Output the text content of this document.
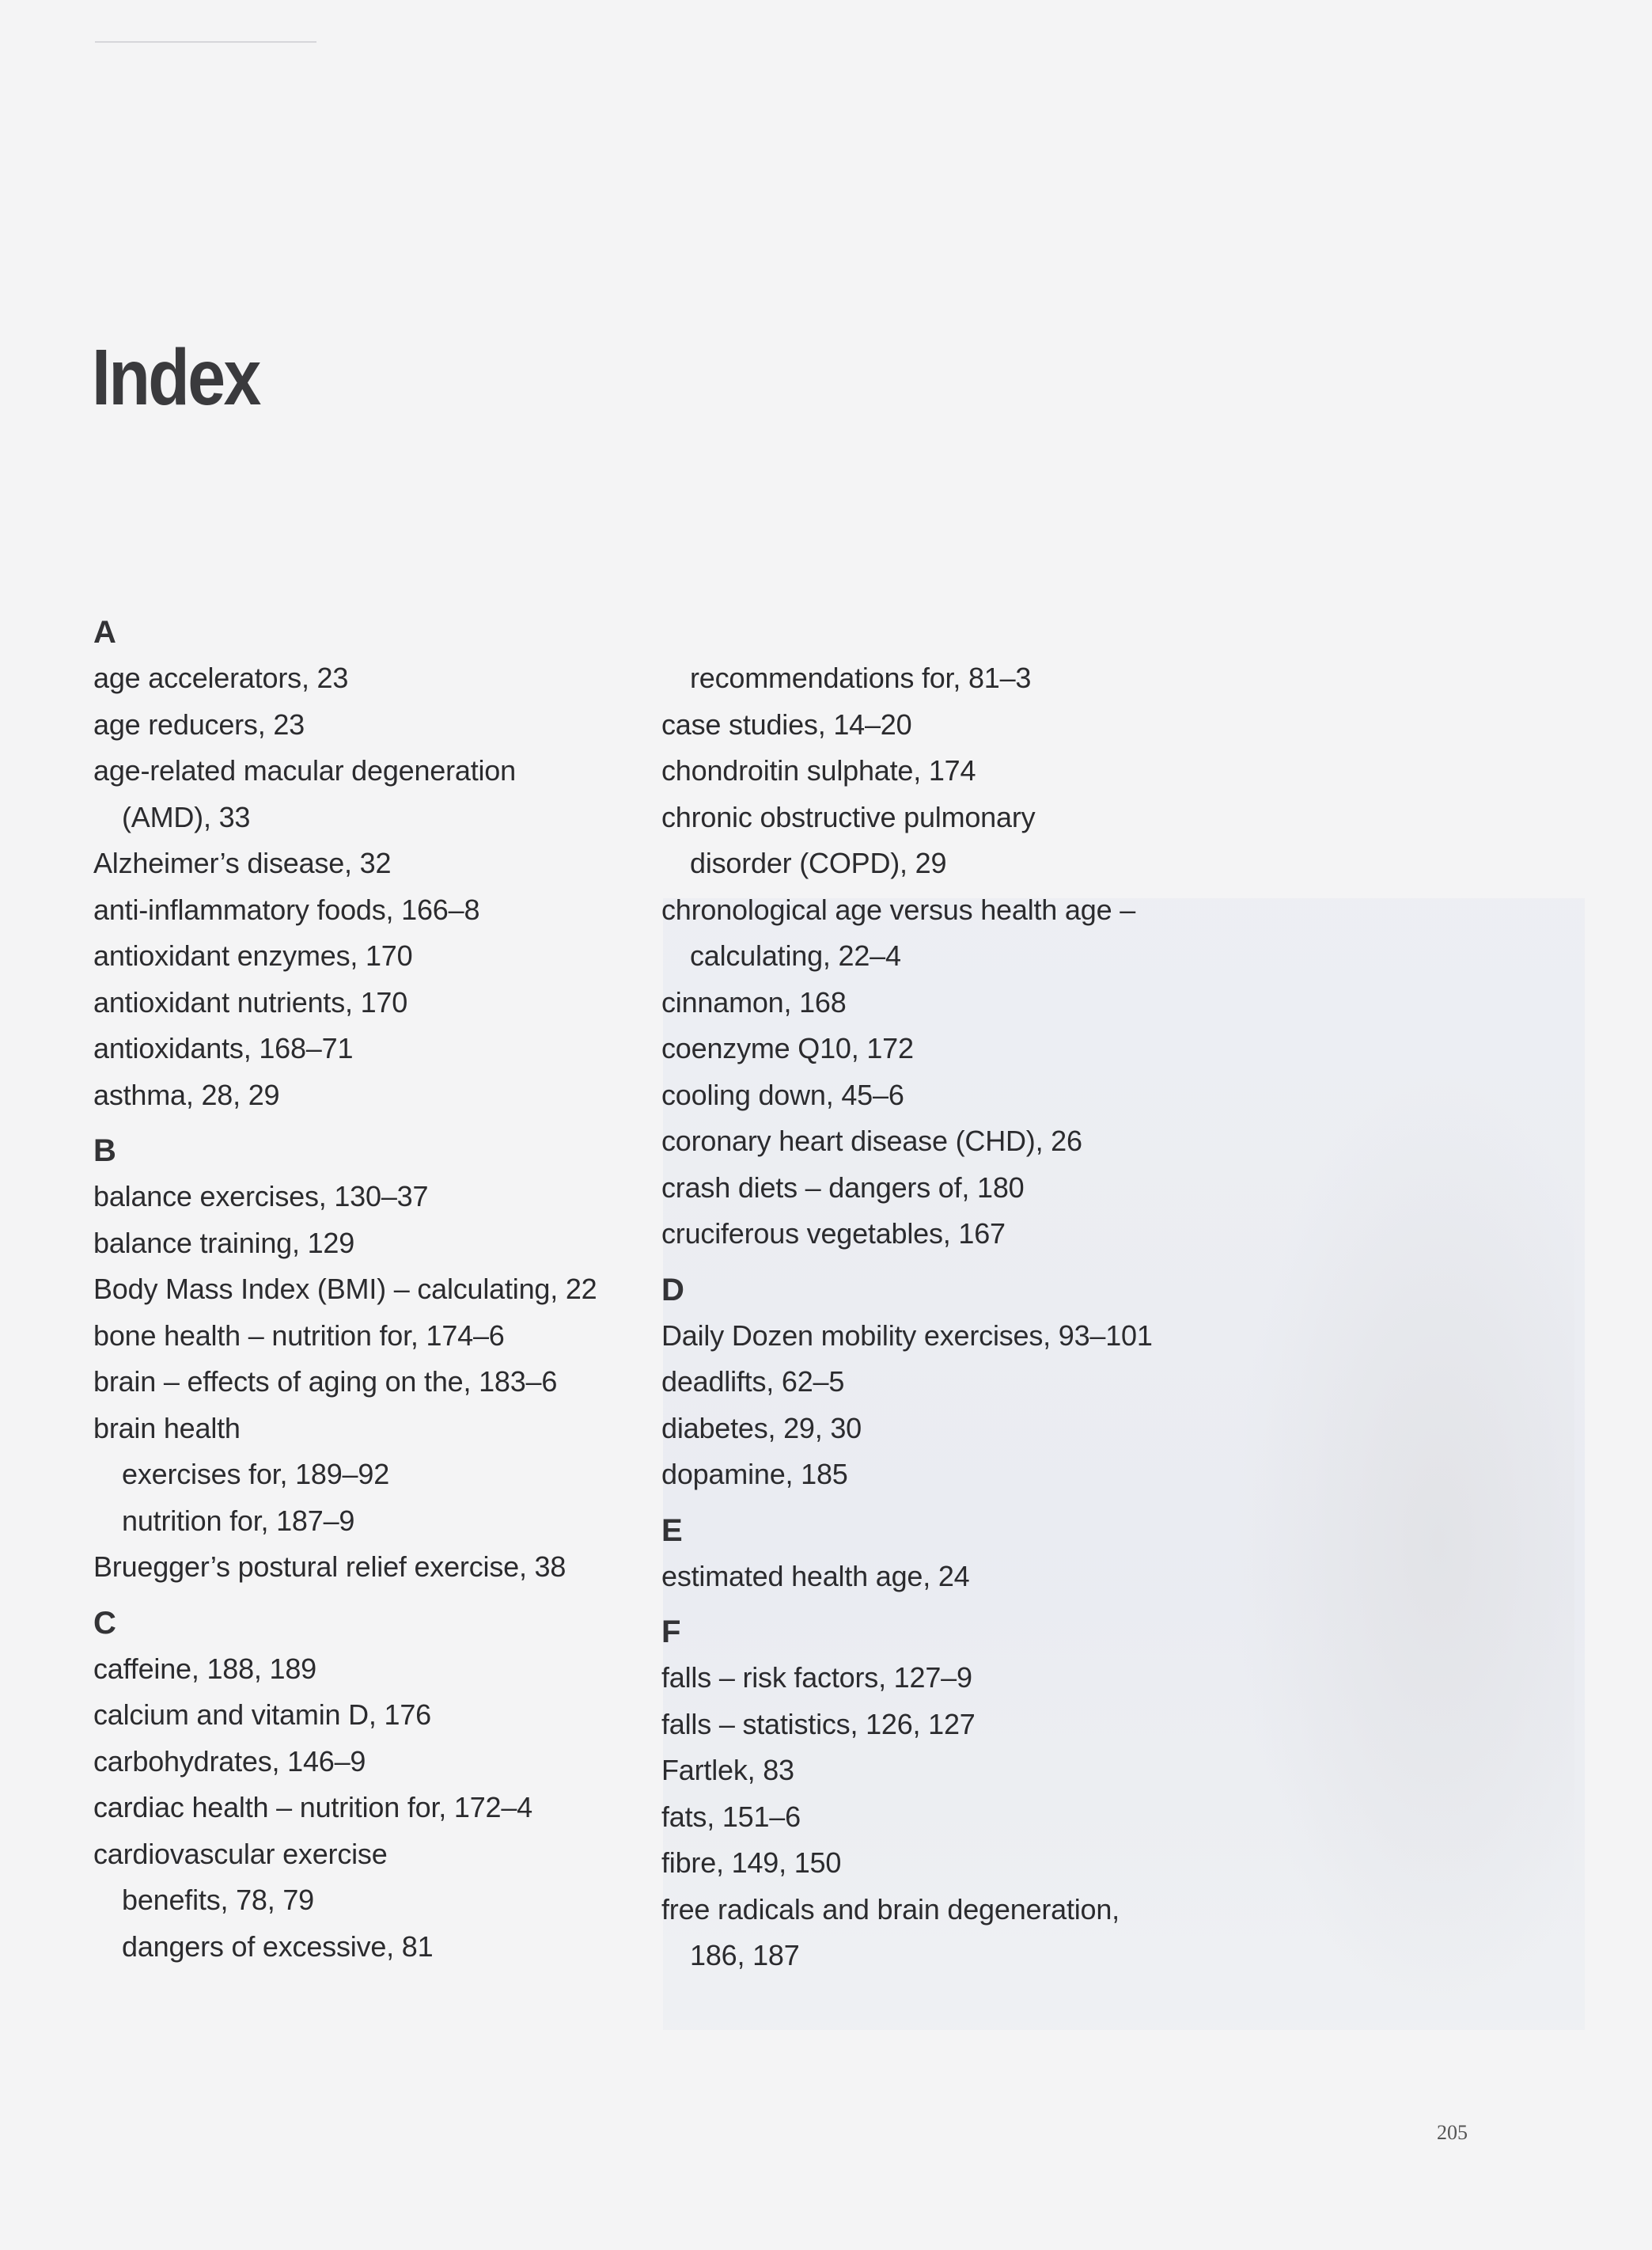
Index
A
age accelerators, 23
age reducers, 23
age-related macular degeneration
(AMD), 33
Alzheimer’s disease, 32
anti-inflammatory foods, 166–8
antioxidant enzymes, 170
antioxidant nutrients, 170
antioxidants, 168–71
asthma, 28, 29
B
balance exercises, 130–37
balance training, 129
Body Mass Index (BMI) – calculating, 22
bone health – nutrition for, 174–6
brain – effects of aging on the, 183–6
brain health
exercises for, 189–92
nutrition for, 187–9
Bruegger’s postural relief exercise, 38
C
caffeine, 188, 189
calcium and vitamin D, 176
carbohydrates, 146–9
cardiac health – nutrition for, 172–4
cardiovascular exercise
benefits, 78, 79
dangers of excessive, 81
recommendations for, 81–3
case studies, 14–20
chondroitin sulphate, 174
chronic obstructive pulmonary
disorder (COPD), 29
chronological age versus health age –
calculating, 22–4
cinnamon, 168
coenzyme Q10, 172
cooling down, 45–6
coronary heart disease (CHD), 26
crash diets – dangers of, 180
cruciferous vegetables, 167
D
Daily Dozen mobility exercises, 93–101
deadlifts, 62–5
diabetes, 29, 30
dopamine, 185
E
estimated health age, 24
F
falls – risk factors, 127–9
falls – statistics, 126, 127
Fartlek, 83
fats, 151–6
fibre, 149, 150
free radicals and brain degeneration,
186, 187
205
